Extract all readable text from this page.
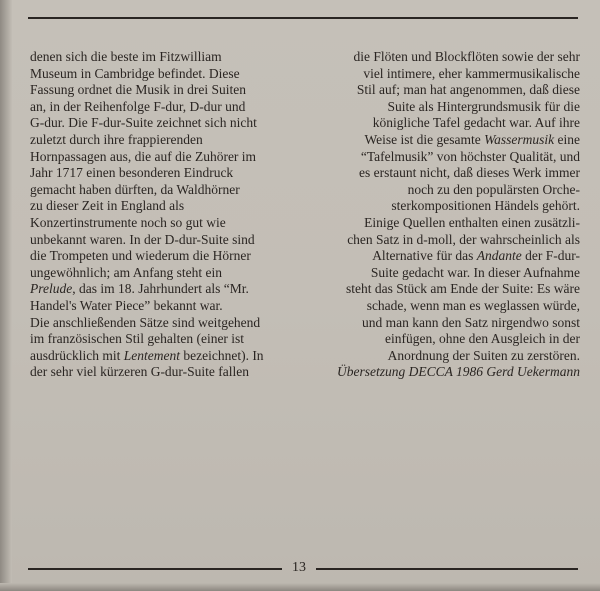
denen sich die beste im Fitzwilliam
Museum in Cambridge befindet. Diese
Fassung ordnet die Musik in drei Suiten
an, in der Reihenfolge F-dur, D-dur und
G-dur. Die F-dur-Suite zeichnet sich nicht
zuletzt durch ihre frappierenden
Hornpassagen aus, die auf die Zuhörer im
Jahr 1717 einen besonderen Eindruck
gemacht haben dürften, da Waldhörner
zu dieser Zeit in England als
Konzertinstrumente noch so gut wie
unbekannt waren. In der D-dur-Suite sind
die Trompeten und wiederum die Hörner
ungewöhnlich; am Anfang steht ein
Prelude, das im 18. Jahrhundert als “Mr.
Handel's Water Piece” bekannt war.
Die anschließenden Sätze sind weitgehend
im französischen Stil gehalten (einer ist
ausdrücklich mit Lentement bezeichnet). In
der sehr viel kürzeren G-dur-Suite fallen
die Flöten und Blockflöten sowie der sehr
viel intimere, eher kammermusikalische
Stil auf; man hat angenommen, daß diese
Suite als Hintergrundsmusik für die
königliche Tafel gedacht war. Auf ihre
Weise ist die gesamte Wassermusik eine
“Tafelmusik” von höchster Qualität, und
es erstaunt nicht, daß dieses Werk immer
noch zu den populärsten Orche-
sterkompositionen Händels gehört.
Einige Quellen enthalten einen zusätzli-
chen Satz in d-moll, der wahrscheinlich als
Alternative für das Andante der F-dur-
Suite gedacht war. In dieser Aufnahme
steht das Stück am Ende der Suite: Es wäre
schade, wenn man es weglassen würde,
und man kann den Satz nirgendwo sonst
einfügen, ohne den Ausgleich in der
Anordnung der Suiten zu zerstören.
Übersetzung DECCA 1986 Gerd Uekermann
13
